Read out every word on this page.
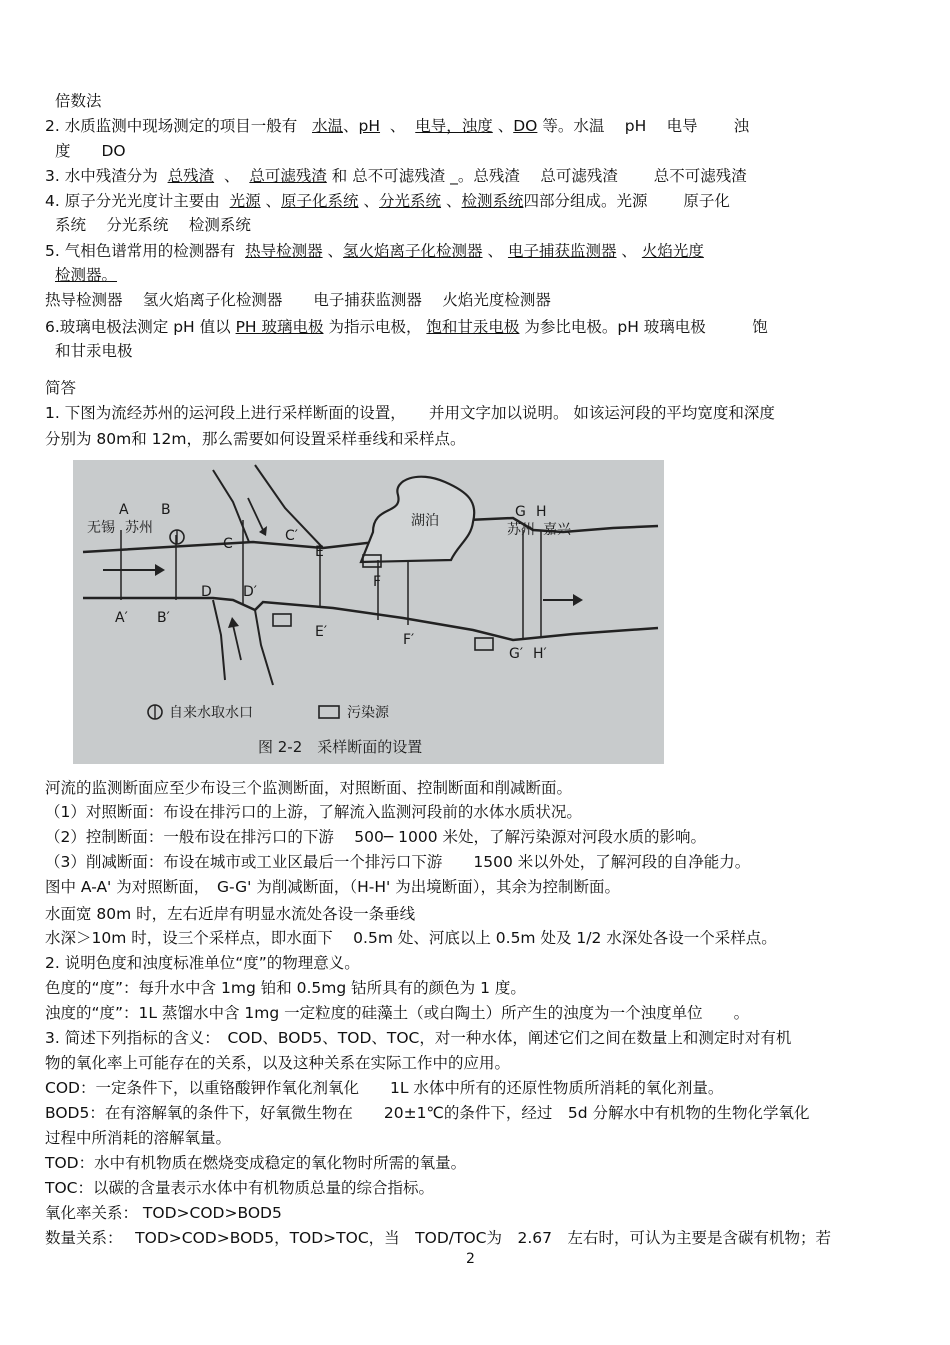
倍数法
2. 水质监测中现场测定的项目一般有 水温、pH 、 电导，浊度 、DO 等。水温　 pH　 电导　　 浊
度　　DO
3. 水中残渣分为 总残渣 、 总可滤残渣 和 总不可滤残渣 _。总残渣　 总可滤残渣　　 总不可滤残渣
4. 原子分光光度计主要由 光源 、原子化系统 、分光系统 、检测系统四部分组成。光源　　 原子化
系统　 分光系统　 检测系统
5. 气相色谱常用的检测器有 热导检测器 、氢火焰离子化检测器 、 电子捕获监测器 、 火焰光度
检测器。
热导检测器　 氢火焰离子化检测器　　电子捕获监测器　 火焰光度检测器
6.玻璃电极法测定 pH 值以 PH 玻璃电极 为指示电极， 饱和甘汞电极 为参比电极。pH 玻璃电极　　　饱
和甘汞电极
简答
1. 下图为流经苏州的运河段上进行采样断面的设置，　　并用文字加以说明。 如该运河段的平均宽度和深度
分别为 80m和 12m，那么需要如何设置采样垂线和采样点。
A B
无锡 苏州
C	C′
E
湖泊
F
G H
苏州 嘉兴
A′ B′
D D′
E′	F′
G′ H′
自来水取水口	污染源
图 2-2　采样断面的设置
河流的监测断面应至少布设三个监测断面，对照断面、控制断面和削减断面。
（1）对照断面：布设在排污口的上游，了解流入监测河段前的水体水质状况。
（2）控制断面：一般布设在排污口的下游　 500─ 1000 米处，了解污染源对河段水质的影响。
（3）削减断面：布设在城市或工业区最后一个排污口下游　　1500 米以外处，了解河段的自净能力。
图中 A-A' 为对照断面，　G-G' 为削减断面，（H-H' 为出境断面），其余为控制断面。
水面宽 80m 时，左右近岸有明显水流处各设一条垂线
水深＞10m 时，设三个采样点，即水面下　 0.5m 处、河底以上 0.5m 处及 1/2 水深处各设一个采样点。
2. 说明色度和浊度标准单位“度”的物理意义。
色度的“度”：每升水中含 1mg 铂和 0.5mg 钴所具有的颜色为 1 度。
浊度的“度”：1L 蒸馏水中含 1mg 一定粒度的硅藻土（或白陶土）所产生的浊度为一个浊度单位　　。
3. 简述下列指标的含义：　COD、BOD5、TOD、TOC，对一种水体，阐述它们之间在数量上和测定时对有机
物的氧化率上可能存在的关系，以及这种关系在实际工作中的应用。
COD：一定条件下，以重铬酸钾作氧化剂氧化　　1L 水体中所有的还原性物质所消耗的氧化剂量。
BOD5：在有溶解氧的条件下，好氧微生物在　　20±1℃的条件下，经过　5d 分解水中有机物的生物化学氧化
过程中所消耗的溶解氧量。
TOD：水中有机物质在燃烧变成稳定的氧化物时所需的氧量。
TOC：以碳的含量表示水体中有机物质总量的综合指标。
氧化率关系： TOD>COD>BOD5
数量关系：　 TOD>COD>BOD5，TOD>TOC，当　TOD/TOC为　2.67　左右时，可认为主要是含碳有机物；若
2
